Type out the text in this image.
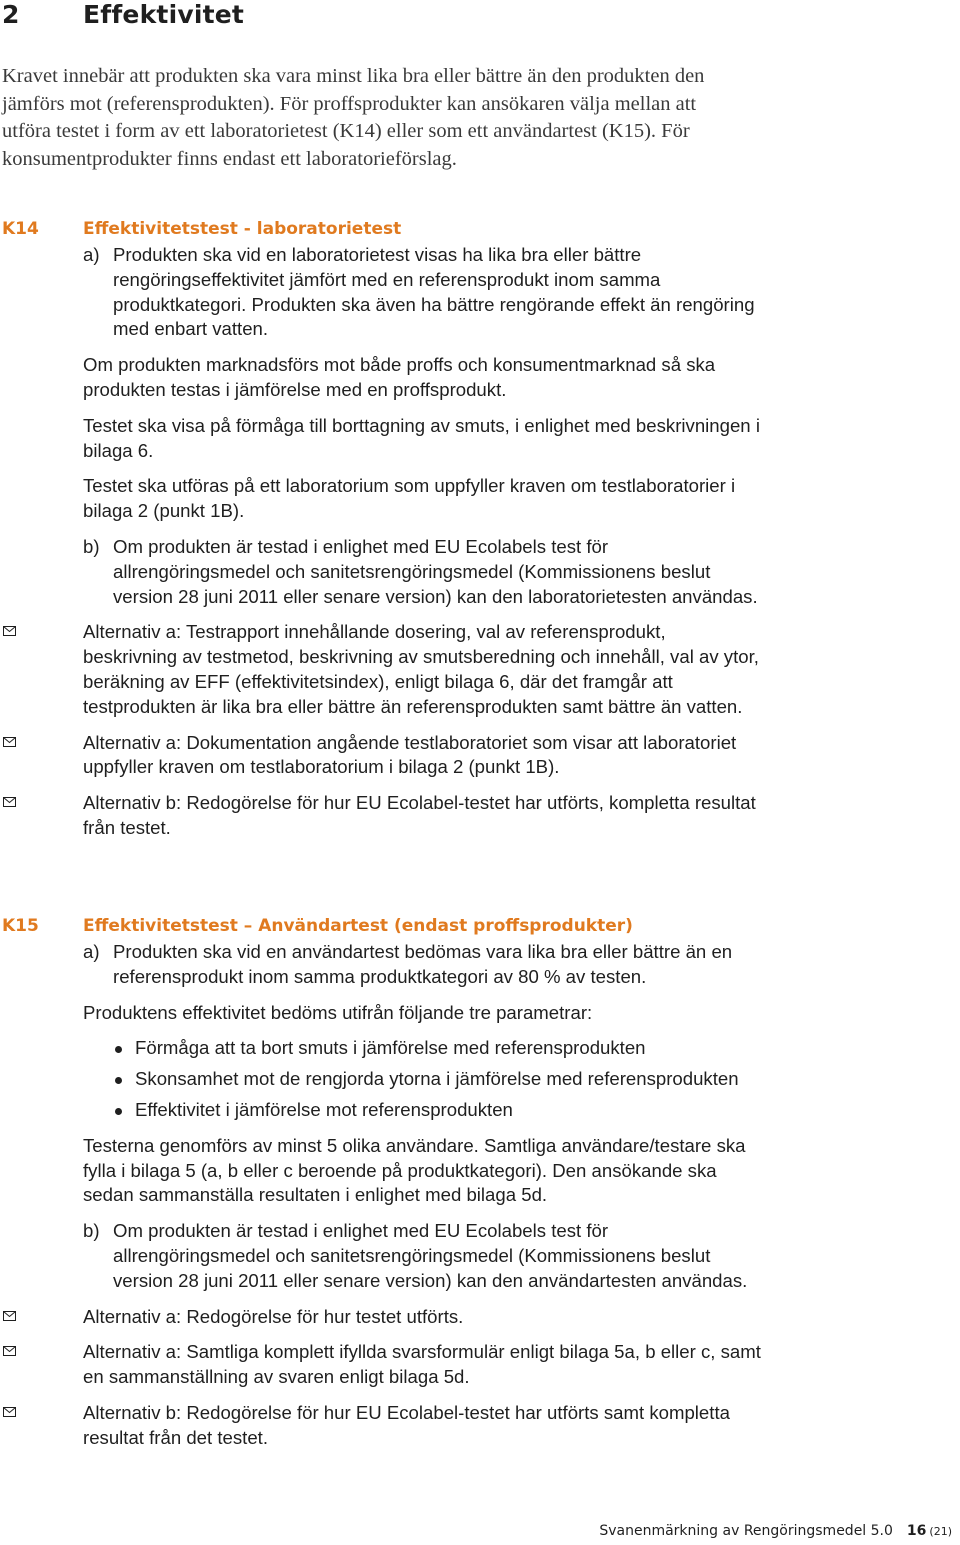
2	Effektivitet

Kravet innebär att produkten ska vara minst lika bra eller bättre än den produkten den jämförs mot (referensprodukten). För proffsprodukter kan ansökaren välja mellan att utföra testet i form av ett laboratorietest (K14) eller som ett användartest (K15). För konsumentprodukter finns endast ett laboratorieförslag.

K14	Effektivitetstest - laboratorietest
a) Produkten ska vid en laboratorietest visas ha lika bra eller bättre rengöringseffektivitet jämfört med en referensprodukt inom samma produktkategori. Produkten ska även ha bättre rengörande effekt än rengöring med enbart vatten.

Om produkten marknadsförs mot både proffs och konsumentmarknad så ska produkten testas i jämförelse med en proffsprodukt.

Testet ska visa på förmåga till borttagning av smuts, i enlighet med beskrivningen i bilaga 6.

Testet ska utföras på ett laboratorium som uppfyller kraven om testlaboratorier i bilaga 2 (punkt 1B).

b) Om produkten är testad i enlighet med EU Ecolabels test för allrengöringsmedel och sanitetsrengöringsmedel (Kommissionens beslut version 28 juni 2011 eller senare version) kan den laboratorietesten användas.
Alternativ a: Testrapport innehållande dosering, val av referensprodukt, beskrivning av testmetod, beskrivning av smutsberedning och innehåll, val av ytor, beräkning av EFF (effektivitetsindex), enligt bilaga 6, där det framgår att testprodukten är lika bra eller bättre än referensprodukten samt bättre än vatten.
Alternativ a: Dokumentation angående testlaboratoriet som visar att laboratoriet uppfyller kraven om testlaboratorium i bilaga 2 (punkt 1B).
Alternativ b: Redogörelse för hur EU Ecolabel-testet har utförts, kompletta resultat från testet.
K15	Effektivitetstest – Användartest (endast proffsprodukter)
a) Produkten ska vid en användartest bedömas vara lika bra eller bättre än en referensprodukt inom samma produktkategori av 80 % av testen.

Produktens effektivitet bedöms utifrån följande tre parametrar:

Förmåga att ta bort smuts i jämförelse med referensprodukten
Skonsamhet mot de rengjorda ytorna i jämförelse med referensprodukten
Effektivitet i jämförelse mot referensprodukten

Testerna genomförs av minst 5 olika användare. Samtliga användare/testare ska fylla i bilaga 5 (a, b eller c beroende på produktkategori). Den ansökande ska sedan sammanställa resultaten i enlighet med bilaga 5d.

b) Om produkten är testad i enlighet med EU Ecolabels test för allrengöringsmedel och sanitetsrengöringsmedel (Kommissionens beslut version 28 juni 2011 eller senare version) kan den användartesten användas.
Alternativ a: Redogörelse för hur testet utförts.
Alternativ a: Samtliga komplett ifyllda svarsformulär enligt bilaga 5a, b eller c, samt en sammanställning av svaren enligt bilaga 5d.
Alternativ b: Redogörelse för hur EU Ecolabel-testet har utförts samt kompletta resultat från det testet.
Svanenmärkning av Rengöringsmedel 5.0 16 (21)
